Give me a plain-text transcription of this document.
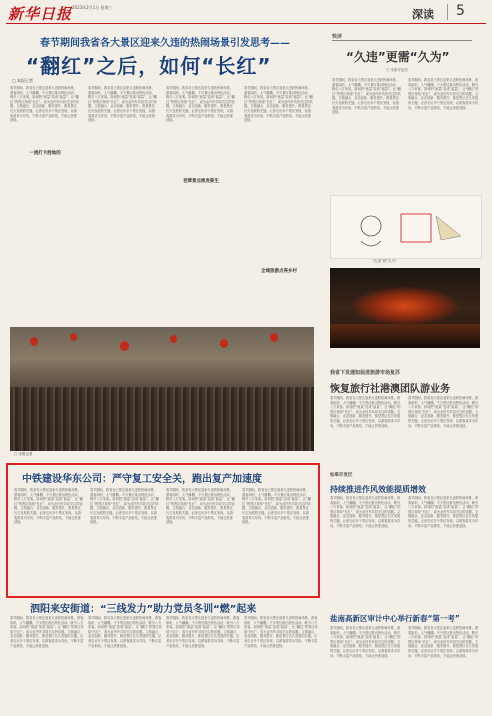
新华日报 2023年2月1日 星期三
深读 5
春节期间我省各大景区迎来久违的热闹场景引发思考——
“翻红”之后，如何“长红”
□ 本报记者
春节期间，我省各大景区迎来久违的热闹场景，游客如织，人气爆棚。不少景区推出特色活动，吸引八方来客。如何把“流量”变成“留量”，让“翻红”的景区持续“长红”，成为业内外共同关注的话题。文旅融合、业态创新、服务提升，都是景区长久发展的关键。记者走访多个景区发现，以游客需求为导向，不断丰富产品供给，才能让热度延续。
一流打卡胜地的
春节期间，我省各大景区迎来久违的热闹场景，游客如织，人气爆棚。不少景区推出特色活动，吸引八方来客。如何把“流量”变成“留量”，让“翻红”的景区持续“长红”，成为业内外共同关注的话题。文旅融合、业态创新、服务提升，都是景区长久发展的关键。记者走访多个景区发现，以游客需求为导向，不断丰富产品供给，才能让热度延续。
春节期间，我省各大景区迎来久违的热闹场景，游客如织，人气爆棚。不少景区推出特色活动，吸引八方来客。如何把“流量”变成“留量”，让“翻红”的景区持续“长红”，成为业内外共同关注的话题。文旅融合、业态创新、服务提升，都是景区长久发展的关键。记者走访多个景区发现，以游客需求为导向，不断丰富产品供给，才能让热度延续。
老牌景点焕发新生
春节期间，我省各大景区迎来久违的热闹场景，游客如织，人气爆棚。不少景区推出特色活动，吸引八方来客。如何把“流量”变成“留量”，让“翻红”的景区持续“长红”，成为业内外共同关注的话题。文旅融合、业态创新、服务提升，都是景区长久发展的关键。记者走访多个景区发现，以游客需求为导向，不断丰富产品供给，才能让热度延续。
全域旅游点亮乡村
□ 本报记者
快评
“久违”更需“久为”
□ 本报评论员
春节期间，我省各大景区迎来久违的热闹场景，游客如织，人气爆棚。不少景区推出特色活动，吸引八方来客。如何把“流量”变成“留量”，让“翻红”的景区持续“长红”，成为业内外共同关注的话题。文旅融合、业态创新、服务提升，都是景区长久发展的关键。记者走访多个景区发现，以游客需求为导向，不断丰富产品供给，才能让热度延续。
春节期间，我省各大景区迎来久违的热闹场景，游客如织，人气爆棚。不少景区推出特色活动，吸引八方来客。如何把“流量”变成“留量”，让“翻红”的景区持续“长红”，成为业内外共同关注的话题。文旅融合、业态创新、服务提升，都是景区长久发展的关键。记者走访多个景区发现，以游客需求为导向，不断丰富产品供给，才能让热度延续。
“久违”到“久为”
我省下发通知促进旅游市场复苏
恢复旅行社港澳团队游业务
春节期间，我省各大景区迎来久违的热闹场景，游客如织，人气爆棚。不少景区推出特色活动，吸引八方来客。如何把“流量”变成“留量”，让“翻红”的景区持续“长红”，成为业内外共同关注的话题。文旅融合、业态创新、服务提升，都是景区长久发展的关键。记者走访多个景区发现，以游客需求为导向，不断丰富产品供给，才能让热度延续。
春节期间，我省各大景区迎来久违的热闹场景，游客如织，人气爆棚。不少景区推出特色活动，吸引八方来客。如何把“流量”变成“留量”，让“翻红”的景区持续“长红”，成为业内外共同关注的话题。文旅融合、业态创新、服务提升，都是景区长久发展的关键。记者走访多个景区发现，以游客需求为导向，不断丰富产品供给，才能让热度延续。
中铁建设华东公司：严守复工安全关，跑出复产加速度
春节期间，我省各大景区迎来久违的热闹场景，游客如织，人气爆棚。不少景区推出特色活动，吸引八方来客。如何把“流量”变成“留量”，让“翻红”的景区持续“长红”，成为业内外共同关注的话题。文旅融合、业态创新、服务提升，都是景区长久发展的关键。记者走访多个景区发现，以游客需求为导向，不断丰富产品供给，才能让热度延续。
春节期间，我省各大景区迎来久违的热闹场景，游客如织，人气爆棚。不少景区推出特色活动，吸引八方来客。如何把“流量”变成“留量”，让“翻红”的景区持续“长红”，成为业内外共同关注的话题。文旅融合、业态创新、服务提升，都是景区长久发展的关键。记者走访多个景区发现，以游客需求为导向，不断丰富产品供给，才能让热度延续。
春节期间，我省各大景区迎来久违的热闹场景，游客如织，人气爆棚。不少景区推出特色活动，吸引八方来客。如何把“流量”变成“留量”，让“翻红”的景区持续“长红”，成为业内外共同关注的话题。文旅融合、业态创新、服务提升，都是景区长久发展的关键。记者走访多个景区发现，以游客需求为导向，不断丰富产品供给，才能让热度延续。
春节期间，我省各大景区迎来久违的热闹场景，游客如织，人气爆棚。不少景区推出特色活动，吸引八方来客。如何把“流量”变成“留量”，让“翻红”的景区持续“长红”，成为业内外共同关注的话题。文旅融合、业态创新、服务提升，都是景区长久发展的关键。记者走访多个景区发现，以游客需求为导向，不断丰富产品供给，才能让热度延续。
如皋开发区
持续推进作风效能提质增效
春节期间，我省各大景区迎来久违的热闹场景，游客如织，人气爆棚。不少景区推出特色活动，吸引八方来客。如何把“流量”变成“留量”，让“翻红”的景区持续“长红”，成为业内外共同关注的话题。文旅融合、业态创新、服务提升，都是景区长久发展的关键。记者走访多个景区发现，以游客需求为导向，不断丰富产品供给，才能让热度延续。
春节期间，我省各大景区迎来久违的热闹场景，游客如织，人气爆棚。不少景区推出特色活动，吸引八方来客。如何把“流量”变成“留量”，让“翻红”的景区持续“长红”，成为业内外共同关注的话题。文旅融合、业态创新、服务提升，都是景区长久发展的关键。记者走访多个景区发现，以游客需求为导向，不断丰富产品供给，才能让热度延续。
盐南高新区审计中心举行新春“第一考”
春节期间，我省各大景区迎来久违的热闹场景，游客如织，人气爆棚。不少景区推出特色活动，吸引八方来客。如何把“流量”变成“留量”，让“翻红”的景区持续“长红”，成为业内外共同关注的话题。文旅融合、业态创新、服务提升，都是景区长久发展的关键。记者走访多个景区发现，以游客需求为导向，不断丰富产品供给，才能让热度延续。
春节期间，我省各大景区迎来久违的热闹场景，游客如织，人气爆棚。不少景区推出特色活动，吸引八方来客。如何把“流量”变成“留量”，让“翻红”的景区持续“长红”，成为业内外共同关注的话题。文旅融合、业态创新、服务提升，都是景区长久发展的关键。记者走访多个景区发现，以游客需求为导向，不断丰富产品供给，才能让热度延续。
泗阳来安街道：“三线发力”助力党员冬训“燃”起来
春节期间，我省各大景区迎来久违的热闹场景，游客如织，人气爆棚。不少景区推出特色活动，吸引八方来客。如何把“流量”变成“留量”，让“翻红”的景区持续“长红”，成为业内外共同关注的话题。文旅融合、业态创新、服务提升，都是景区长久发展的关键。记者走访多个景区发现，以游客需求为导向，不断丰富产品供给，才能让热度延续。
春节期间，我省各大景区迎来久违的热闹场景，游客如织，人气爆棚。不少景区推出特色活动，吸引八方来客。如何把“流量”变成“留量”，让“翻红”的景区持续“长红”，成为业内外共同关注的话题。文旅融合、业态创新、服务提升，都是景区长久发展的关键。记者走访多个景区发现，以游客需求为导向，不断丰富产品供给，才能让热度延续。
春节期间，我省各大景区迎来久违的热闹场景，游客如织，人气爆棚。不少景区推出特色活动，吸引八方来客。如何把“流量”变成“留量”，让“翻红”的景区持续“长红”，成为业内外共同关注的话题。文旅融合、业态创新、服务提升，都是景区长久发展的关键。记者走访多个景区发现，以游客需求为导向，不断丰富产品供给，才能让热度延续。
春节期间，我省各大景区迎来久违的热闹场景，游客如织，人气爆棚。不少景区推出特色活动，吸引八方来客。如何把“流量”变成“留量”，让“翻红”的景区持续“长红”，成为业内外共同关注的话题。文旅融合、业态创新、服务提升，都是景区长久发展的关键。记者走访多个景区发现，以游客需求为导向，不断丰富产品供给，才能让热度延续。
